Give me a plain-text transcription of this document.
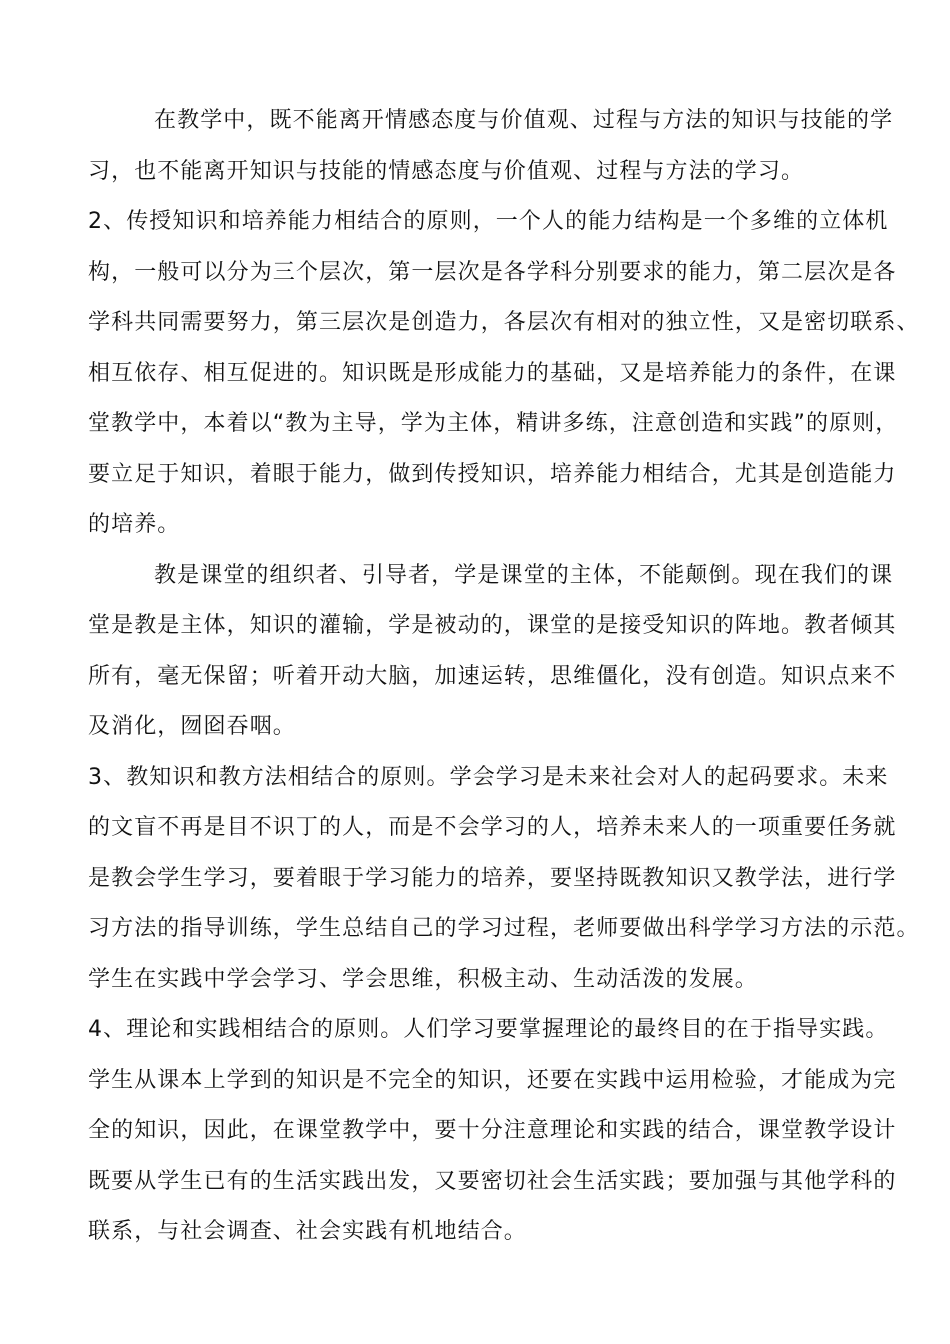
在教学中，既不能离开情感态度与价值观、过程与方法的知识与技能的学
习，也不能离开知识与技能的情感态度与价值观、过程与方法的学习。
2、传授知识和培养能力相结合的原则，一个人的能力结构是一个多维的立体机
构，一般可以分为三个层次，第一层次是各学科分别要求的能力，第二层次是各
学科共同需要努力，第三层次是创造力，各层次有相对的独立性，又是密切联系、
相互依存、相互促进的。知识既是形成能力的基础，又是培养能力的条件，在课
堂教学中，本着以“教为主导，学为主体，精讲多练，注意创造和实践”的原则，
要立足于知识，着眼于能力，做到传授知识，培养能力相结合，尤其是创造能力
的培养。
教是课堂的组织者、引导者，学是课堂的主体，不能颠倒。现在我们的课
堂是教是主体，知识的灌输，学是被动的，课堂的是接受知识的阵地。教者倾其
所有，毫无保留；听着开动大脑，加速运转，思维僵化，没有创造。知识点来不
及消化，囫囵吞咽。
3、教知识和教方法相结合的原则。学会学习是未来社会对人的起码要求。未来
的文盲不再是目不识丁的人，而是不会学习的人，培养未来人的一项重要任务就
是教会学生学习，要着眼于学习能力的培养，要坚持既教知识又教学法，进行学
习方法的指导训练，学生总结自己的学习过程，老师要做出科学学习方法的示范。
学生在实践中学会学习、学会思维，积极主动、生动活泼的发展。
4、理论和实践相结合的原则。人们学习要掌握理论的最终目的在于指导实践。
学生从课本上学到的知识是不完全的知识，还要在实践中运用检验，才能成为完
全的知识，因此，在课堂教学中，要十分注意理论和实践的结合，课堂教学设计
既要从学生已有的生活实践出发，又要密切社会生活实践；要加强与其他学科的
联系，与社会调查、社会实践有机地结合。
